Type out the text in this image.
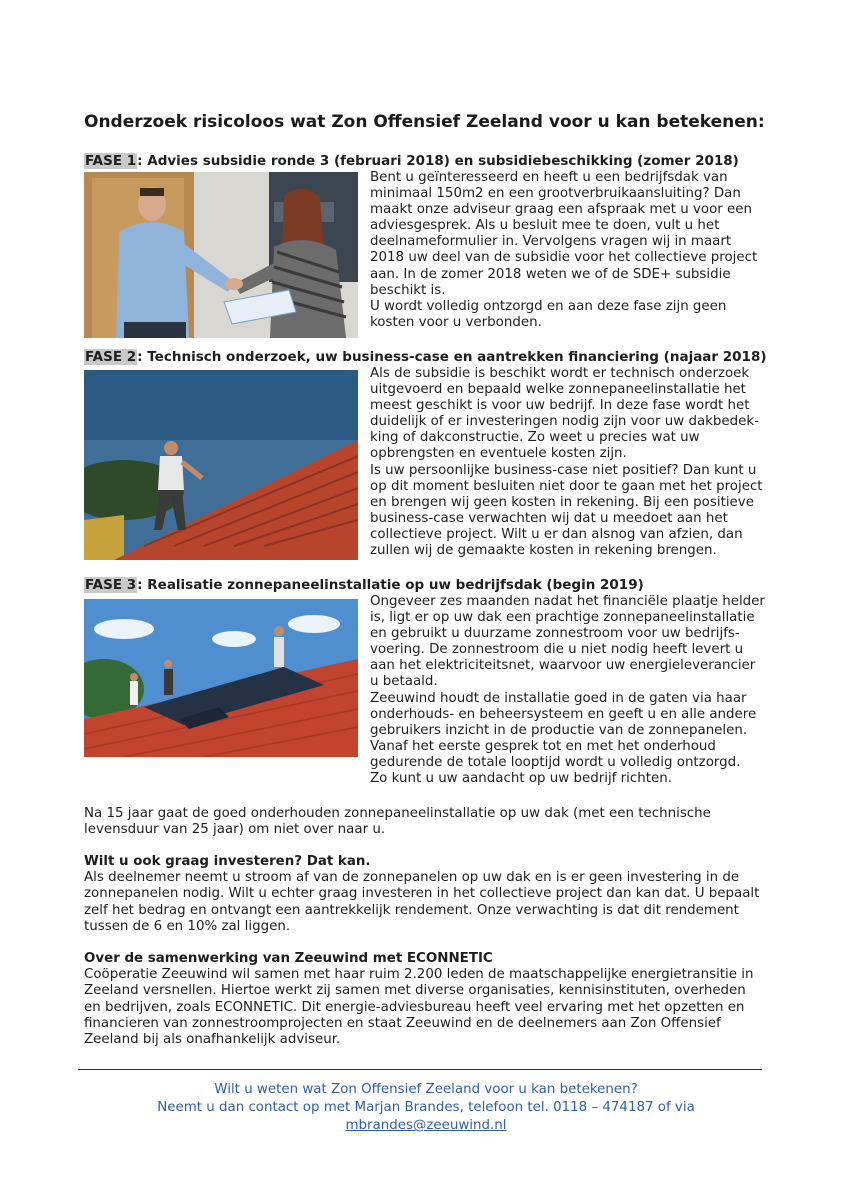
Onderzoek risicoloos wat Zon Offensief Zeeland voor u kan betekenen:
FASE 1: Advies subsidie ronde 3 (februari 2018) en subsidiebeschikking (zomer 2018)

Bent u geïnteresseerd en heeft u een bedrijfsdak van

minimaal 150m2 en een grootverbruikaansluiting? Dan

maakt onze adviseur graag een afspraak met u voor een

adviesgesprek. Als u besluit mee te doen, vult u het

deelnameformulier in. Vervolgens vragen wij in maart

2018 uw deel van de subsidie voor het collectieve project

aan. In de zomer 2018 weten we of de SDE+ subsidie

beschikt is.

U wordt volledig ontzorgd en aan deze fase zijn geen

kosten voor u verbonden.

FASE 2: Technisch onderzoek, uw business-case en aantrekken financiering (najaar 2018)

Als de subsidie is beschikt wordt er technisch onderzoek

uitgevoerd en bepaald welke zonnepaneelinstallatie het

meest geschikt is voor uw bedrijf. In deze fase wordt het

duidelijk of er investeringen nodig zijn voor uw dakbedek-

king of dakconstructie. Zo weet u precies wat uw

opbrengsten en eventuele kosten zijn.

Is uw persoonlijke business-case niet positief? Dan kunt u

op dit moment besluiten niet door te gaan met het project

en brengen wij geen kosten in rekening. Bij een positieve

business-case verwachten wij dat u meedoet aan het

collectieve project. Wilt u er dan alsnog van afzien, dan

zullen wij de gemaakte kosten in rekening brengen.

FASE 3: Realisatie zonnepaneelinstallatie op uw bedrijfsdak (begin 2019)

Ongeveer zes maanden nadat het financiële plaatje helder

is, ligt er op uw dak een prachtige zonnepaneelinstallatie

en gebruikt u duurzame zonnestroom voor uw bedrijfs-

voering. De zonnestroom die u niet nodig heeft levert u

aan het elektriciteitsnet, waarvoor uw energieleverancier

u betaald.

Zeeuwind houdt de installatie goed in de gaten via haar

onderhouds- en beheersysteem en geeft u en alle andere

gebruikers inzicht in de productie van de zonnepanelen.

Vanaf het eerste gesprek tot en met het onderhoud

gedurende de totale looptijd wordt u volledig ontzorgd.

Zo kunt u uw aandacht op uw bedrijf richten.

Na 15 jaar gaat de goed onderhouden zonnepaneelinstallatie op uw dak (met een technische

levensduur van 25 jaar) om niet over naar u.

Wilt u ook graag investeren? Dat kan.

Als deelnemer neemt u stroom af van de zonnepanelen op uw dak en is er geen investering in de

zonnepanelen nodig. Wilt u echter graag investeren in het collectieve project dan kan dat. U bepaalt

zelf het bedrag en ontvangt een aantrekkelijk rendement. Onze verwachting is dat dit rendement

tussen de 6 en 10% zal liggen.

Over de samenwerking van Zeeuwind met ECONNETIC

Coöperatie Zeeuwind wil samen met haar ruim 2.200 leden de maatschappelijke energietransitie in

Zeeland versnellen. Hiertoe werkt zij samen met diverse organisaties, kennisinstituten, overheden

en bedrijven, zoals ECONNETIC. Dit energie-adviesbureau heeft veel ervaring met het opzetten en

financieren van zonnestroomprojecten en staat Zeeuwind en de deelnemers aan Zon Offensief

Zeeland bij als onafhankelijk adviseur.

Wilt u weten wat Zon Offensief Zeeland voor u kan betekenen?
Neemt u dan contact op met Marjan Brandes, telefoon tel. 0118 – 474187 of via
mbrandes@zeeuwind.nl
